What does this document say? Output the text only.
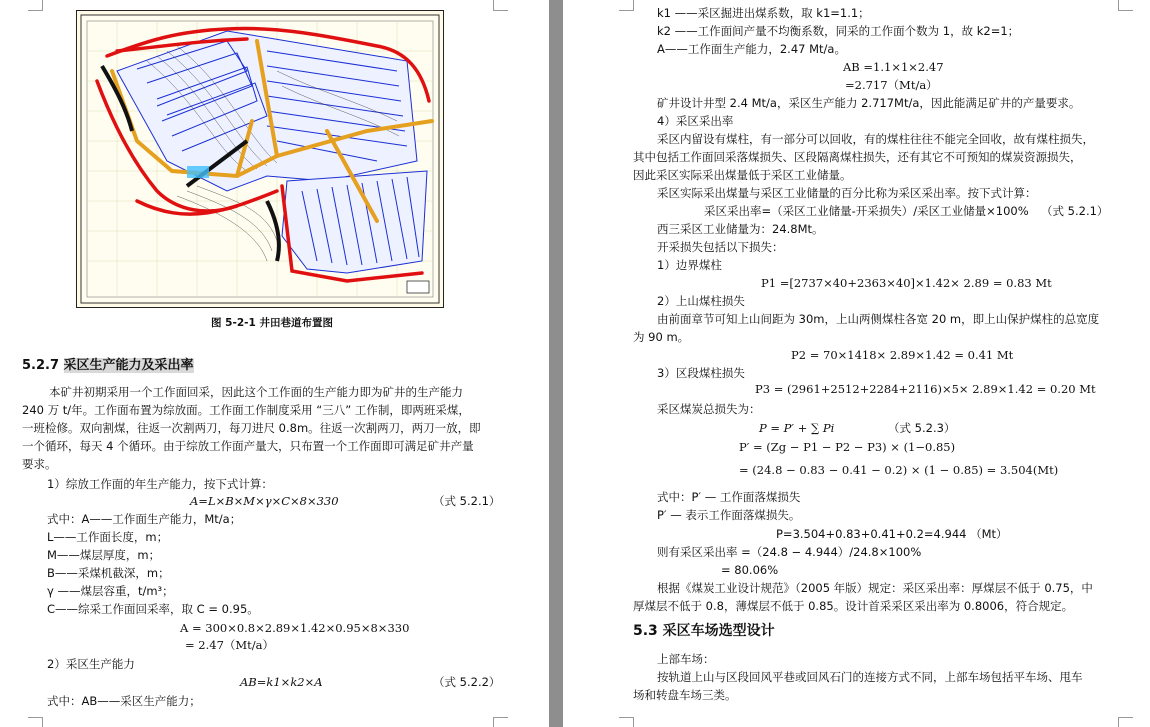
图 5-2-1 井田巷道布置图
5.2.7 采区生产能力及采出率
本矿井初期采用一个工作面回采，因此这个工作面的生产能力即为矿井的生产能力
240 万 t/年。工作面布置为综放面。工作面工作制度采用 “三八” 工作制，即两班采煤，
一班检修。双向割煤，往返一次割两刀，每刀进尺 0.8m。往返一次割两刀，两刀一放，即
一个循环，每天 4 个循环。由于综放工作面产量大，只布置一个工作面即可满足矿井产量
要求。
1）综放工作面的年生产能力，按下式计算：
A=L×B×M×γ×C×8×330	（式 5.2.1）
式中：A——工作面生产能力，Mt/a；
L——工作面长度，m；
M——煤层厚度，m；
B——采煤机截深，m；
γ ——煤层容重，t/m³；
C——综采工作面回采率，取 C = 0.95。
A = 300×0.8×2.89×1.42×0.95×8×330
= 2.47（Mt/a）
2）采区生产能力
AB=k1×k2×A	（式 5.2.2）
式中：AB——采区生产能力；
k1 ——采区掘进出煤系数，取 k1=1.1；
k2 ——工作面间产量不均衡系数，同采的工作面个数为 1，故 k2=1；
A——工作面生产能力，2.47 Mt/a。
AB =1.1×1×2.47
=2.717（Mt/a）
矿井设计井型 2.4 Mt/a，采区生产能力 2.717Mt/a，因此能满足矿井的产量要求。
4）采区采出率
采区内留设有煤柱，有一部分可以回收，有的煤柱往往不能完全回收，故有煤柱损失，
其中包括工作面回采落煤损失、区段隔离煤柱损失，还有其它不可预知的煤炭资源损失，
因此采区实际采出煤量低于采区工业储量。
采区实际采出煤量与采区工业储量的百分比称为采区采出率。按下式计算：
采区采出率=（采区工业储量-开采损失）/采区工业储量×100% （式 5.2.1）
西三采区工业储量为：24.8Mt。
开采损失包括以下损失：
1）边界煤柱
P1 =[2737×40+2363×40]×1.42× 2.89 = 0.83 Mt
2）上山煤柱损失
由前面章节可知上山间距为 30m，上山两侧煤柱各宽 20 m，即上山保护煤柱的总宽度
为 90 m。
P2 = 70×1418× 2.89×1.42 = 0.41 Mt
3）区段煤柱损失
P3 = (2961+2512+2284+2116)×5× 2.89×1.42 = 0.20 Mt
采区煤炭总损失为：
P = P′ + ∑ Pi	（式 5.2.3）
P′ = (Zg − P1 − P2 − P3) × (1−0.85)
= (24.8 − 0.83 − 0.41 − 0.2) × (1 − 0.85) = 3.504(Mt)
式中：P′ — 工作面落煤损失
P′ — 表示工作面落煤损失。
P=3.504+0.83+0.41+0.2=4.944 （Mt）
则有采区采出率 =（24.8 − 4.944）/24.8×100%
= 80.06%
根据《煤炭工业设计规范》（2005 年版）规定：采区采出率：厚煤层不低于 0.75，中
厚煤层不低于 0.8，薄煤层不低于 0.85。设计首采采区采出率为 0.8006，符合规定。
5.3 采区车场选型设计
上部车场：
按轨道上山与区段回风平巷或回风石门的连接方式不同，上部车场包括平车场、甩车
场和转盘车场三类。
